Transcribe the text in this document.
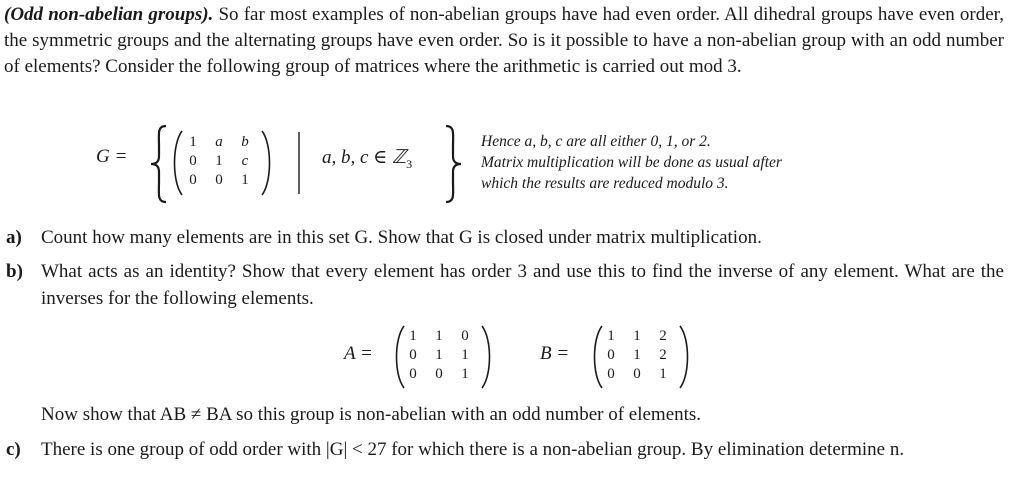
(Odd non-abelian groups). So far most examples of non-abelian groups have had even order. All dihedral groups have even order, the symmetric groups and the alternating groups have even order. So is it possible to have a non-abelian group with an odd number of elements? Consider the following group of matrices where the arithmetic is carried out mod 3.
G =
1	a	b
0	1	c
0	0	1
a, b, c ∈ ℤ$_3$
Hence a, b, c are all either 0, 1, or 2.
Matrix multiplication will be done as usual after
which the results are reduced modulo 3.
a) Count how many elements are in this set G. Show that G is closed under matrix multiplication.
b) What acts as an identity? Show that every element has order 3 and use this to find the inverse of any element. What are the inverses for the following elements.
A =
1	1	0
0	1	1
0	0	1
B =
1	1	2
0	1	2
0	0	1
Now show that AB ≠ BA so this group is non-abelian with an odd number of elements.
c) There is one group of odd order with |G| < 27 for which there is a non-abelian group. By elimination determine n.
